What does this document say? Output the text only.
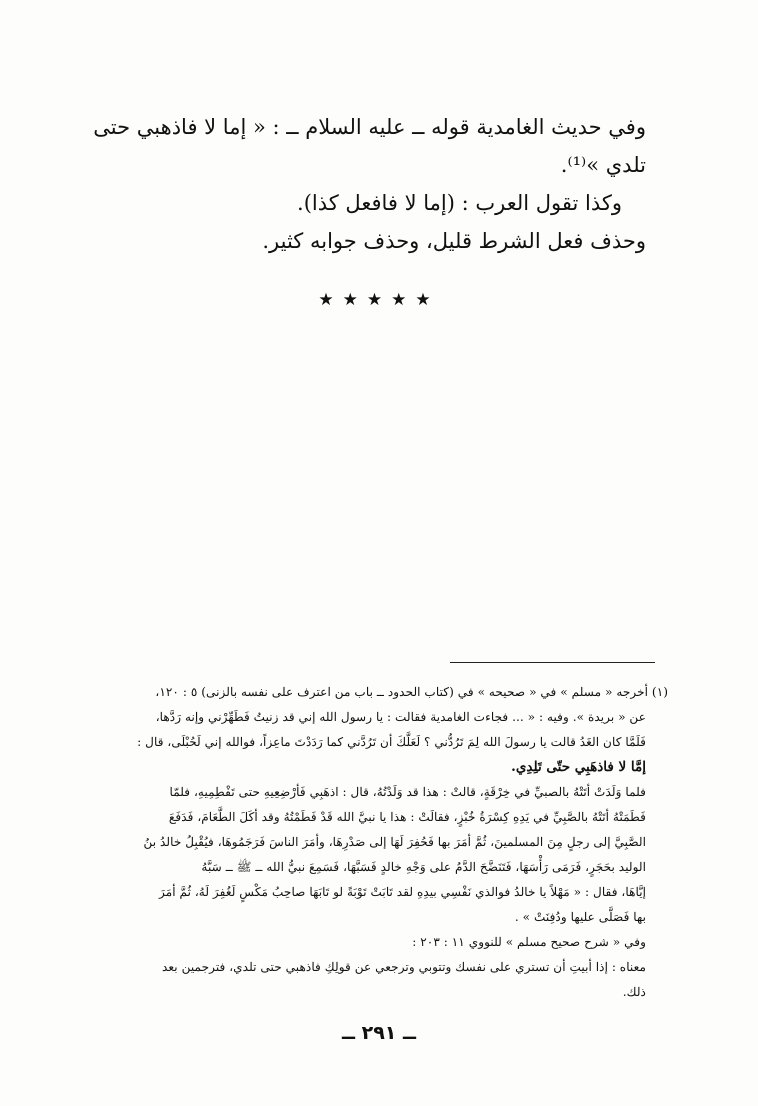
وفي حديث الغامدية قوله ــ عليه السلام ــ : « إما لا فاذهبي حتى

تلدي »⁽¹⁾.

وكذا تقول العرب : (إما لا فافعل كذا).

وحذف فعل الشرط قليل، وحذف جوابه كثير.

★★★★★

(١) أخرجه « مسلم » في « صحيحه » في (كتاب الحدود ــ باب من اعترف على نفسه بالزنى) ٥ : ١٢٠،

عن « بريدة ». وفيه : « ... فجاءت الغامدية فقالت : يا رسول الله إني قد زنيتُ فَطَهِّرْني وإنه رَدَّها،

فَلَمَّا كان الغَدُ قالت يا رسولَ الله لِمَ تَرُدُّني ؟ لَعَلَّكَ أن تَرُدَّني كما رَدَدْتَ ماعِزاً، فوالله إني لَحُبْلَى، قال :

إمَّا لا فاذهَبِي حتّى تَلِدِي.

فلما وَلَدَتْ أتَتْهُ بالصبيِّ في خِرْقَةٍ، قالتْ : هذا قد وَلَدْتُهُ، قال : اذهَبِي فَأرْضِعِيهِ حتى تَفْطِمِيهِ، فلمّا

فَطَمَتْهُ أتَتْهُ بالصَّبِيِّ في يَدِهِ كِسْرَةُ خُبْزٍ، فقالَتْ : هذا يا نبيَّ الله قَدْ فَطَمْتُهُ وقد أكَلَ الطَّعَامَ، فَدَفَعَ

الصَّبِيَّ إلى رجلٍ مِنَ المسلمينَ، ثُمَّ أمَرَ بها فَحُفِرَ لَهَا إلى صَدْرِهَا، وأمَرَ الناسَ فَرَجَمُوهَا، فيُقْبِلُ خالدُ بنُ

الوليد بحَجَرٍ، فَرَمَى رَأْسَهَا، فَتَنَضَّحَ الدَّمُ على وَجْهِ خالدٍ فَسَبَّهَا، فَسَمِعَ نبيُّ الله ــ ﷺ ــ سَبَّهُ

إيَّاهَا، فقال : « مَهْلاً يا خالدُ فوالذي نَفْسِي بيدِهِ لقد تَابَتْ تَوْبَةً لو تَابَهَا صاحِبُ مَكْسٍ لَغُفِرَ لَهُ، ثُمَّ أمَرَ

بها فَصَلَّى عليها ودُفِنَتْ » .

وفي « شرح صحيح مسلم » للنووي ١١ : ٢٠٣ :

معناه : إذا أبيتِ أن تستري على نفسك وتتوبي وترجعي عن قولِكِ فاذهبي حتى تلدي، فترجمين بعد

ذلك.

ــ ٢٩١ ــ
